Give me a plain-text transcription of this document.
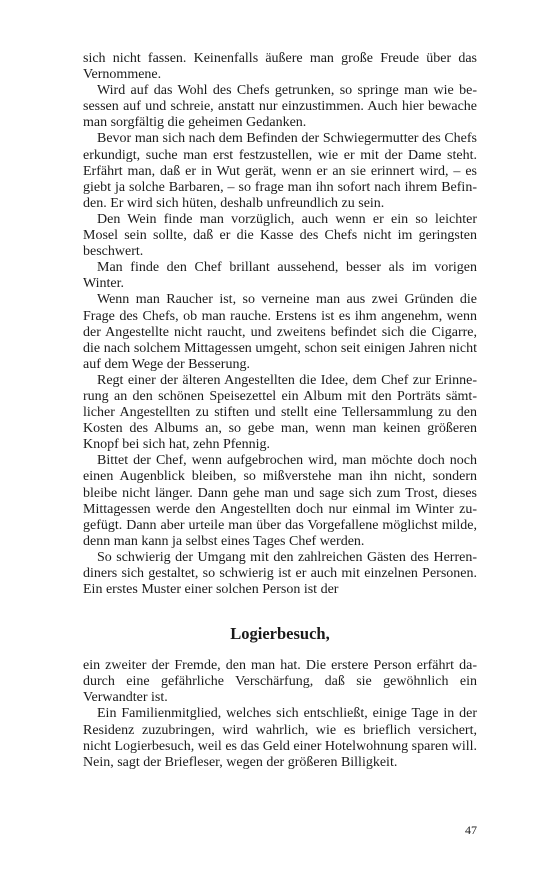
sich nicht fassen. Keinenfalls äußere man große Freude über das Vernommene.

Wird auf das Wohl des Chefs getrunken, so springe man wie besessen auf und schreie, anstatt nur einzustimmen. Auch hier bewache man sorgfältig die geheimen Gedanken.

Bevor man sich nach dem Befinden der Schwiegermutter des Chefs erkundigt, suche man erst festzustellen, wie er mit der Dame steht. Erfährt man, daß er in Wut gerät, wenn er an sie erinnert wird, – es giebt ja solche Barbaren, – so frage man ihn sofort nach ihrem Befinden. Er wird sich hüten, deshalb unfreundlich zu sein.

Den Wein finde man vorzüglich, auch wenn er ein so leichter Mosel sein sollte, daß er die Kasse des Chefs nicht im geringsten beschwert.

Man finde den Chef brillant aussehend, besser als im vorigen Winter.

Wenn man Raucher ist, so verneine man aus zwei Gründen die Frage des Chefs, ob man rauche. Erstens ist es ihm angenehm, wenn der Angestellte nicht raucht, und zweitens befindet sich die Cigarre, die nach solchem Mittagessen umgeht, schon seit einigen Jahren nicht auf dem Wege der Besserung.

Regt einer der älteren Angestellten die Idee, dem Chef zur Erinnerung an den schönen Speisezettel ein Album mit den Porträts sämtlicher Angestellten zu stiften und stellt eine Tellersammlung zu den Kosten des Albums an, so gebe man, wenn man keinen größeren Knopf bei sich hat, zehn Pfennig.

Bittet der Chef, wenn aufgebrochen wird, man möchte doch noch einen Augenblick bleiben, so mißverstehe man ihn nicht, sondern bleibe nicht länger. Dann gehe man und sage sich zum Trost, dieses Mittagessen werde den Angestellten doch nur einmal im Winter zugefügt. Dann aber urteile man über das Vorgefallene möglichst milde, denn man kann ja selbst eines Tages Chef werden.

So schwierig der Umgang mit den zahlreichen Gästen des Herrendiners sich gestaltet, so schwierig ist er auch mit einzelnen Personen. Ein erstes Muster einer solchen Person ist der

Logierbesuch,

ein zweiter der Fremde, den man hat. Die erstere Person erfährt dadurch eine gefährliche Verschärfung, daß sie gewöhnlich ein Verwandter ist.

Ein Familienmitglied, welches sich entschließt, einige Tage in der Residenz zuzubringen, wird wahrlich, wie es brieflich versichert, nicht Logierbesuch, weil es das Geld einer Hotelwohnung sparen will. Nein, sagt der Briefleser, wegen der größeren Billigkeit.

47
